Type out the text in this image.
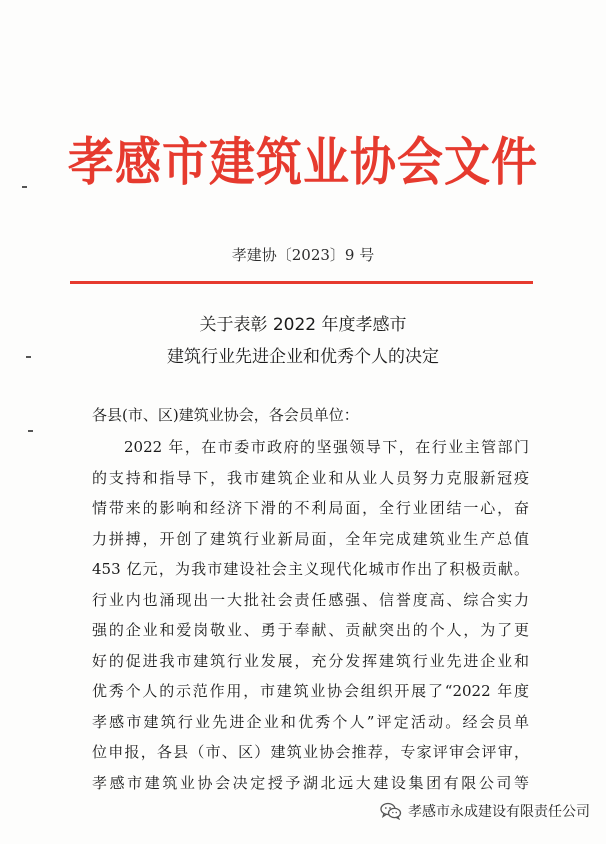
孝感市建筑业协会文件
孝建协〔2023〕9 号
关于表彰 2022 年度孝感市
建筑行业先进企业和优秀个人的决定
各县(市、区)建筑业协会，各会员单位：
2022 年，在市委市政府的坚强领导下，在行业主管部门
的支持和指导下，我市建筑企业和从业人员努力克服新冠疫
情带来的影响和经济下滑的不利局面，全行业团结一心，奋
力拼搏，开创了建筑行业新局面，全年完成建筑业生产总值
453 亿元，为我市建设社会主义现代化城市作出了积极贡献。
行业内也涌现出一大批社会责任感强、信誉度高、综合实力
强的企业和爱岗敬业、勇于奉献、贡献突出的个人，为了更
好的促进我市建筑行业发展，充分发挥建筑行业先进企业和
优秀个人的示范作用，市建筑业协会组织开展了“2022 年度
孝感市建筑行业先进企业和优秀个人”评定活动。经会员单
位申报，各县（市、区）建筑业协会推荐，专家评审会评审，
孝感市建筑业协会决定授予湖北远大建设集团有限公司等
孝感市永成建设有限责任公司
